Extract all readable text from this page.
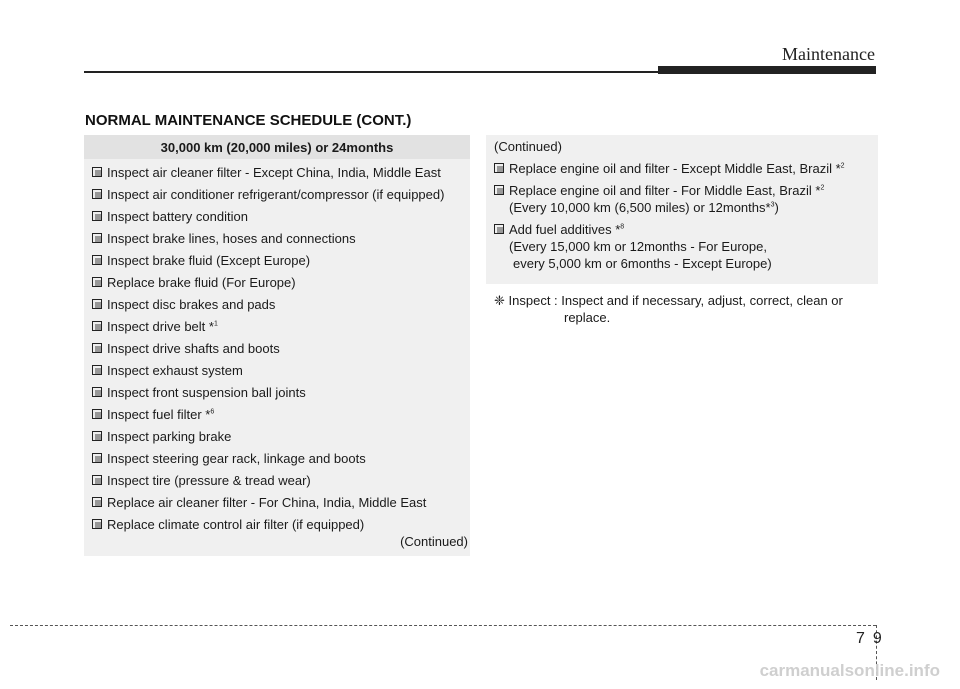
Maintenance
NORMAL MAINTENANCE SCHEDULE (CONT.)
30,000 km (20,000 miles) or 24months
Inspect air cleaner filter - Except China, India, Middle East
Inspect air conditioner refrigerant/compressor (if equipped)
Inspect battery condition
Inspect brake lines, hoses and connections
Inspect brake fluid (Except Europe)
Replace brake fluid (For Europe)
Inspect disc brakes and pads
Inspect drive belt *$^1$
Inspect drive shafts and boots
Inspect exhaust system
Inspect front suspension ball joints
Inspect fuel filter *$^6$
Inspect parking brake
Inspect steering gear rack, linkage and boots
Inspect tire (pressure & tread wear)
Replace air cleaner filter - For China, India, Middle East
Replace climate control air filter (if equipped)
(Continued)
(Continued)
Replace engine oil and filter - Except Middle East, Brazil *$^2$
Replace engine oil and filter - For Middle East, Brazil *$^2$
(Every 10,000 km (6,500 miles) or 12months*$^3$)
Add fuel additives *$^8$
(Every 15,000 km or 12months - For Europe,
every 5,000 km or 6months - Except Europe)
❈ Inspect : Inspect and if necessary, adjust, correct, clean or
replace.
79
carmanualsonline.info
